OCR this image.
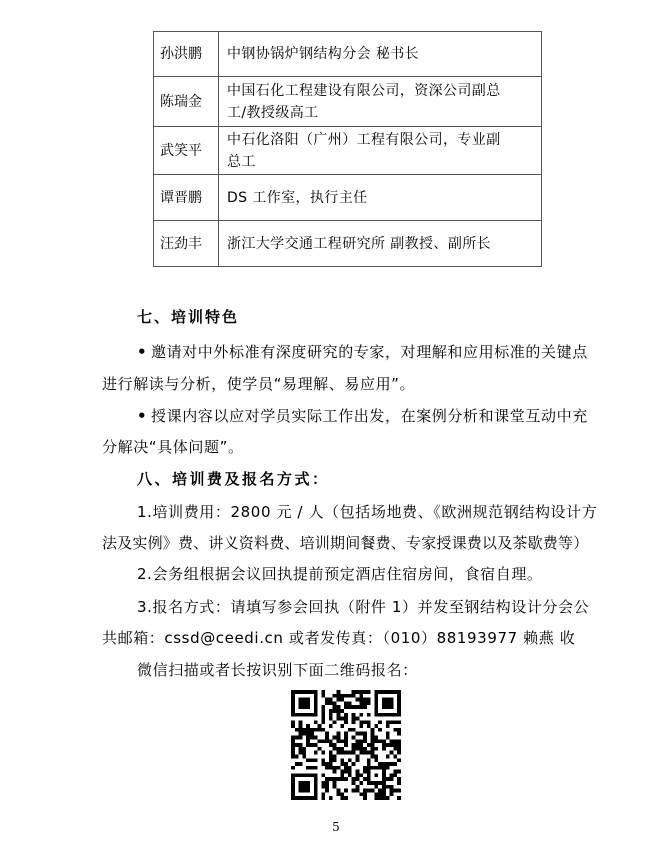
孙洪鹏	中钢协锅炉钢结构分会 秘书长
陈瑞金	中国石化工程建设有限公司，资深公司副总
工/教授级高工
武笑平	中石化洛阳（广州）工程有限公司，专业副
总工
谭晋鹏	DS 工作室，执行主任
汪劲丰	浙江大学交通工程研究所 副教授、副所长
七、培训特色
• 邀请对中外标准有深度研究的专家，对理解和应用标准的关键点
进行解读与分析，使学员“易理解、易应用”。
• 授课内容以应对学员实际工作出发，在案例分析和课堂互动中充
分解决“具体问题”。
八、培训费及报名方式：
1.培训费用：2800 元 / 人（包括场地费、《欧洲规范钢结构设计方
法及实例》费、讲义资料费、培训期间餐费、专家授课费以及茶歇费等）
2.会务组根据会议回执提前预定酒店住宿房间，食宿自理。
3.报名方式：请填写参会回执（附件 1）并发至钢结构设计分会公
共邮箱：cssd@ceedi.cn 或者发传真：（010）88193977 赖燕 收
微信扫描或者长按识别下面二维码报名：
5
